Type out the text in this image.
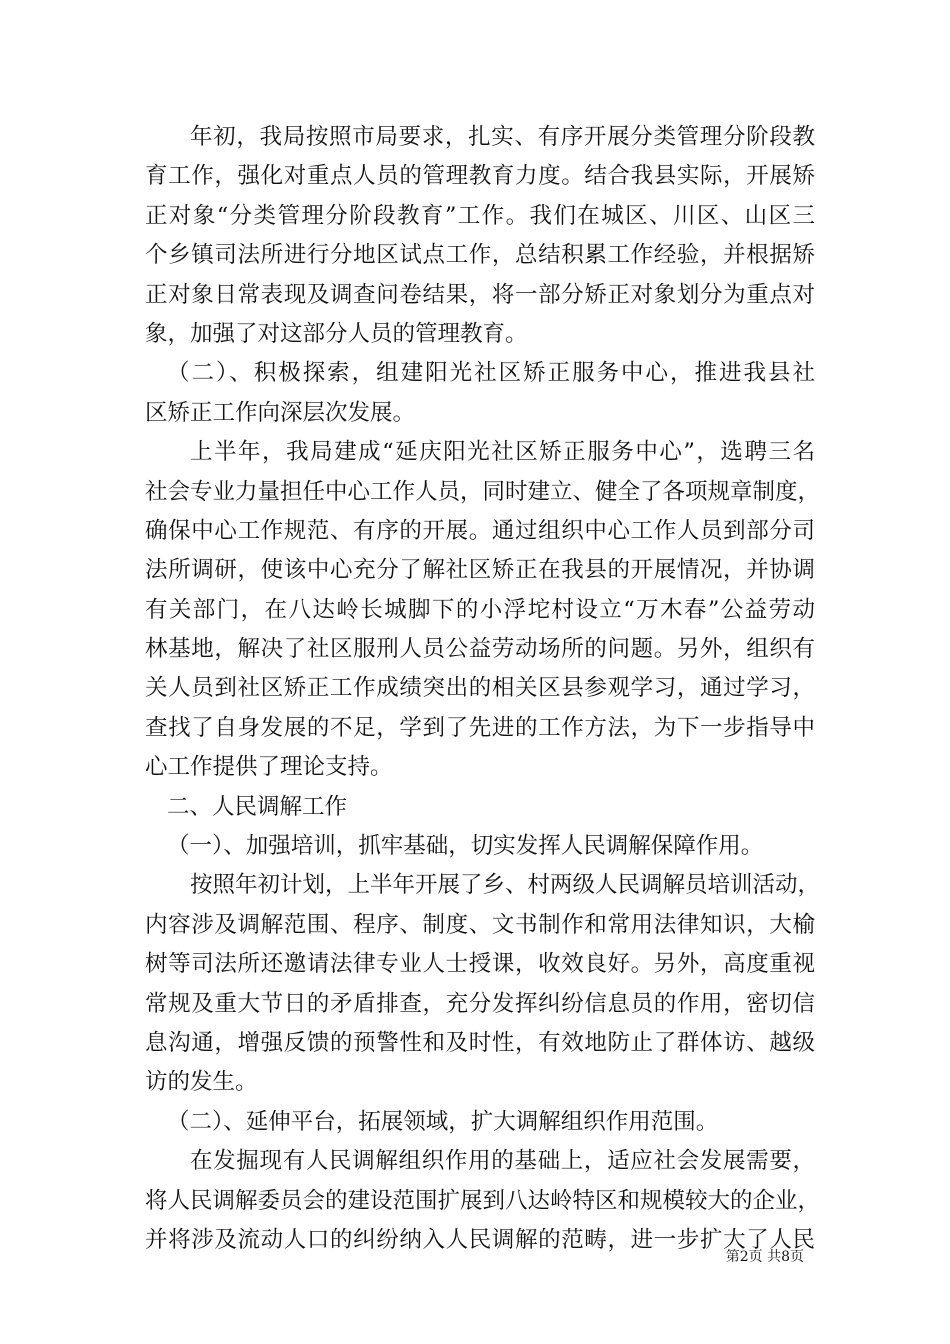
年初，我局按照市局要求，扎实、有序开展分类管理分阶段教
育工作，强化对重点人员的管理教育力度。结合我县实际，开展矫
正对象“分类管理分阶段教育”工作。我们在城区、川区、山区三
个乡镇司法所进行分地区试点工作，总结积累工作经验，并根据矫
正对象日常表现及调查问卷结果，将一部分矫正对象划分为重点对
象，加强了对这部分人员的管理教育。
（二）、积极探索，组建阳光社区矫正服务中心，推进我县社
区矫正工作向深层次发展。
上半年，我局建成“延庆阳光社区矫正服务中心”，选聘三名
社会专业力量担任中心工作人员，同时建立、健全了各项规章制度，
确保中心工作规范、有序的开展。通过组织中心工作人员到部分司
法所调研，使该中心充分了解社区矫正在我县的开展情况，并协调
有关部门，在八达岭长城脚下的小浮坨村设立“万木春”公益劳动
林基地，解决了社区服刑人员公益劳动场所的问题。另外，组织有
关人员到社区矫正工作成绩突出的相关区县参观学习，通过学习，
查找了自身发展的不足，学到了先进的工作方法，为下一步指导中
心工作提供了理论支持。
二、人民调解工作
（一）、加强培训，抓牢基础，切实发挥人民调解保障作用。
按照年初计划，上半年开展了乡、村两级人民调解员培训活动，
内容涉及调解范围、程序、制度、文书制作和常用法律知识，大榆
树等司法所还邀请法律专业人士授课，收效良好。另外，高度重视
常规及重大节日的矛盾排查，充分发挥纠纷信息员的作用，密切信
息沟通，增强反馈的预警性和及时性，有效地防止了群体访、越级
访的发生。
（二）、延伸平台，拓展领域，扩大调解组织作用范围。
在发掘现有人民调解组织作用的基础上，适应社会发展需要，
将人民调解委员会的建设范围扩展到八达岭特区和规模较大的企业，
并将涉及流动人口的纠纷纳入人民调解的范畴，进一步扩大了人民
第2页 共8页
